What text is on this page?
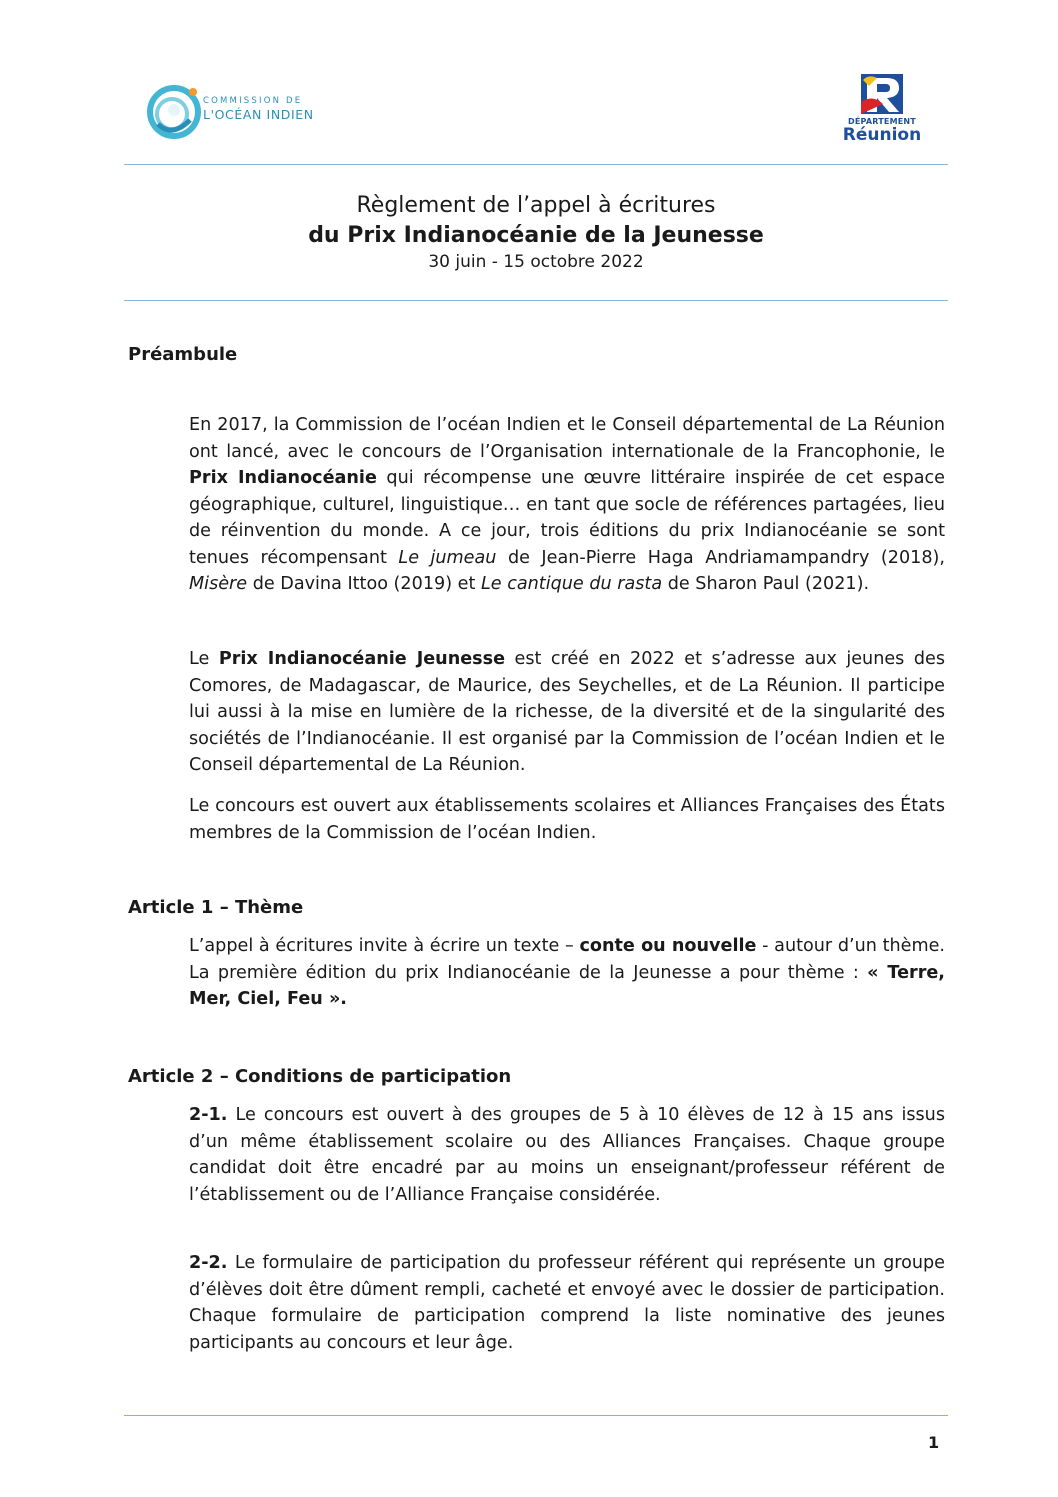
COMMISSION DE
L'OCÉAN INDIEN	DÉPARTEMENT
Réunion
Règlement de l’appel à écritures
du Prix Indianocéanie de la Jeunesse
30 juin - 15 octobre 2022
Préambule
En 2017, la Commission de l’océan Indien et le Conseil départemental de La Réunion ont lancé, avec le concours de l’Organisation internationale de la Francophonie, le Prix Indianocéanie qui récompense une œuvre littéraire inspirée de cet espace géographique, culturel, linguistique… en tant que socle de références partagées, lieu de réinvention du monde. A ce jour, trois éditions du prix Indianocéanie se sont tenues récompensant Le jumeau de Jean-Pierre Haga Andriamampandry (2018), Misère de Davina Ittoo (2019) et Le cantique du rasta de Sharon Paul (2021).
Le Prix Indianocéanie Jeunesse est créé en 2022 et s’adresse aux jeunes des Comores, de Madagascar, de Maurice, des Seychelles, et de La Réunion. Il participe lui aussi à la mise en lumière de la richesse, de la diversité et de la singularité des sociétés de l’Indianocéanie. Il est organisé par la Commission de l’océan Indien et le Conseil départemental de La Réunion.
Le concours est ouvert aux établissements scolaires et Alliances Françaises des États membres de la Commission de l’océan Indien.
Article 1 – Thème
L’appel à écritures invite à écrire un texte – conte ou nouvelle - autour d’un thème. La première édition du prix Indianocéanie de la Jeunesse a pour thème : « Terre, Mer, Ciel, Feu ».
Article 2 – Conditions de participation
2-1. Le concours est ouvert à des groupes de 5 à 10 élèves de 12 à 15 ans issus d’un même établissement scolaire ou des Alliances Françaises. Chaque groupe candidat doit être encadré par au moins un enseignant/professeur référent de l’établissement ou de l’Alliance Française considérée.
2-2. Le formulaire de participation du professeur référent qui représente un groupe d’élèves doit être dûment rempli, cacheté et envoyé avec le dossier de participation. Chaque formulaire de participation comprend la liste nominative des jeunes participants au concours et leur âge.
1
